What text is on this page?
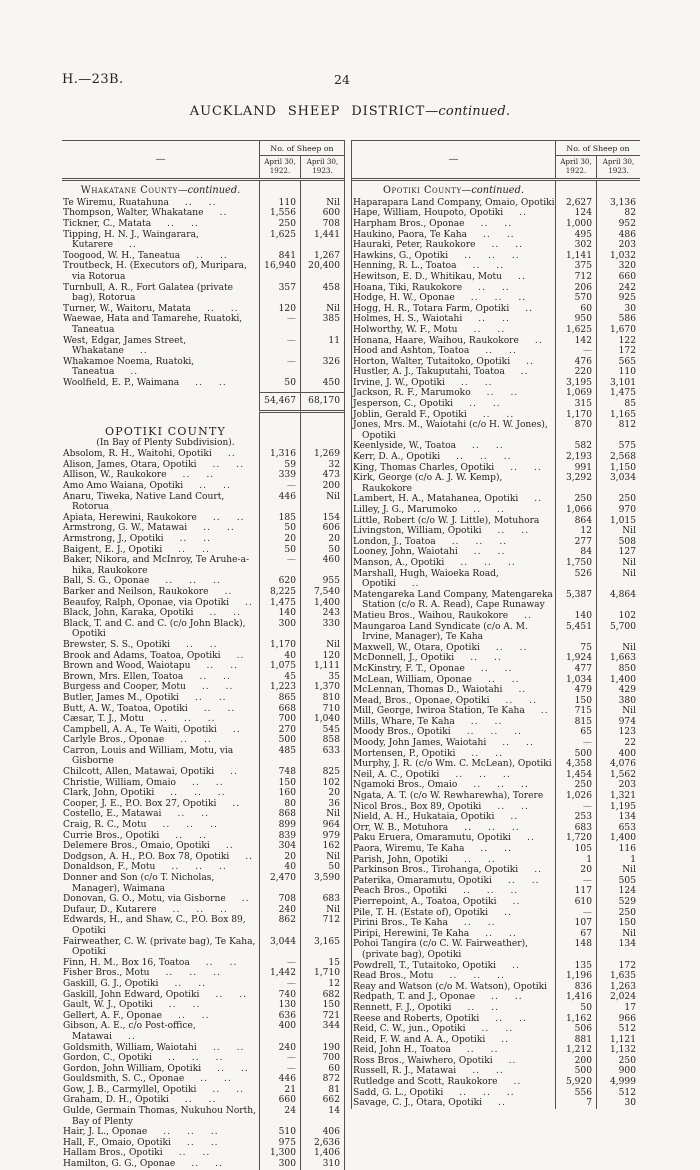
H.—23B.	24
AUCKLAND SHEEP DISTRICT—continued.
—
No. of Sheep on
April 30,
1922.
April 30,
1923.
Whakatane County—continued.
Te Wiremu, Ruatahuna .. ..	110	Nil
Thompson, Walter, Whakatane ..	1,556	600
Tickner, C., Matata .. ..	250	708
Tipping, H. N. J., Waingarara, Kutarere ..
1,625	1,441
Toogood, W. H., Taneatua .. ..	841	1,267
Troutbeck, H. (Executors of), Muripara, via Rotorua
16,940	20,400
Turnbull, A. R., Fort Galatea (private bag), Rotorua
357	458
Turner, W., Waitoru, Matata .. ..	120	Nil
Waewae, Hata and Tamarehe, Ruatoki, Taneatua
—	385
West, Edgar, James Street, Whakatane ..
—	11
Whakamoe Noema, Ruatoki, Taneatua ..
—	326
Woolfield, E. P., Waimana .. ..	50	450
54,467	68,170
OPOTIKI COUNTY
(In Bay of Plenty Subdivision).
Absolom, R. H., Waitohi, Opotiki ..	1,316	1,269
Alison, James, Otara, Opotiki .. ..	59	32
Allison, W., Raukokore .. ..	339	473
Amo Amo Waiana, Opotiki .. ..	—	200
Anaru, Tiweka, Native Land Court, Rotorua
446	Nil
Apiata, Herewini, Raukokore .. ..	185	154
Armstrong, G. W., Matawai .. ..	50	606
Armstrong, J., Opotiki .. ..	20	20
Baigent, E. J., Opotiki .. ..	50	50
Baker, Nikora, and McInroy, Te Aruhe-a-hika, Raukokore
—	460
Ball, S. G., Oponae .. .. ..	620	955
Barker and Neilson, Raukokore ..	8,225	7,540
Beaufoy, Ralph, Oponae, via Opotiki ..	1,475	1,400
Black, John, Karaka, Opotiki .. ..	140	243
Black, T. and C. and C. (c/o John Black), Opotiki
300	330
Brewster, S. S., Opotiki .. ..	1,170	Nil
Brook and Adams, Toatoa, Opotiki ..	40	120
Brown and Wood, Waiotapu .. ..	1,075	1,111
Brown, Mrs. Ellen, Toatoa .. ..	45	35
Burgess and Cooper, Motu .. ..	1,223	1,370
Butler, James M., Opotiki .. ..	865	810
Butt, A. W., Toatoa, Opotiki .. ..	668	710
Cæsar, T. J., Motu .. .. ..	700	1,040
Campbell, A. A., Te Waiti, Opotiki ..	270	545
Carlyle Bros., Oponae .. ..	500	858
Carron, Louis and William, Motu, via Gisborne
485	633
Chilcott, Allen, Matawai, Opotiki ..	748	825
Christie, William, Omaio .. ..	150	102
Clark, John, Opotiki .. .. ..	160	20
Cooper, J. E., P.O. Box 27, Opotiki ..	80	36
Costello, E., Matawai .. ..	868	Nil
Craig, R. C., Motu .. .. ..	899	964
Currie Bros., Opotiki .. ..	839	979
Delemere Bros., Omaio, Opotiki ..	304	162
Dodgson, A. H., P.O. Box 78, Opotiki ..	20	Nil
Donaldson, F., Motu .. .. ..	40	50
Donner and Son (c/o T. Nicholas, Manager), Waimana
2,470	3,590
Donovan, G. O., Motu, via Gisborne ..	708	683
Dufaur, D., Kutarere .. .. ..	240	Nil
Edwards, H., and Shaw, C., P.O. Box 89, Opotiki
862	712
Fairweather, C. W. (private bag), Te Kaha, Opotiki
3,044	3,165
Finn, H. M., Box 16, Toatoa .. ..	—	15
Fisher Bros., Motu .. .. ..	1,442	1,710
Gaskill, G. J., Opotiki .. ..	—	12
Gaskill, John Edward, Opotiki .. ..	740	682
Gault, W. J., Opotiki .. ..	130	150
Gellert, A. F., Oponae .. ..	636	721
Gibson, A. E., c/o Post-office, Matawai ..
400	344
Goldsmith, William, Waiotahi .. ..	240	190
Gordon, C., Opotiki .. .. ..	—	700
Gordon, John William, Opotiki .. ..	—	60
Gouldsmith, S. C., Oponae .. ..	446	872
Gow, J. B., Carmyllel, Opotiki .. ..	21	81
Graham, D. H., Opotiki .. ..	660	662
Gulde, Germain Thomas, Nukuhou North, Bay of Plenty
24	14
Hair, J. L., Oponae .. .. ..	510	406
Hall, F., Omaio, Opotiki .. ..	975	2,636
Hallam Bros., Opotiki .. ..	1,300	1,406
Hamilton, G. G., Oponae .. ..	300	310
—
No. of Sheep on
April 30,
1922.
April 30,
1923.
Opotiki County—continued.
Haparapara Land Company, Omaio, Opotiki	2,627	3,136
Hape, William, Houpoto, Opotiki ..	124	82
Harpham Bros., Oponae .. ..	1,000	952
Haukino, Paora, Te Kaha .. ..	495	486
Hauraki, Peter, Raukokore .. ..	302	203
Hawkins, G., Opotiki .. .. ..	1,141	1,032
Henning, R. L., Toatoa .. ..	375	320
Hewitson, E. D., Whitikau, Motu ..	712	660
Hoana, Tiki, Raukokore .. ..	206	242
Hodge, H. W., Oponae .. .. ..	570	925
Hogg, H. R., Totara Farm, Opotiki ..	60	30
Holmes, H. S., Waiotahi .. ..	950	586
Holworthy, W. F., Motu .. ..	1,625	1,670
Honana, Haare, Waihou, Raukokore ..	142	122
Hood and Ashton, Toatoa .. ..	—	172
Horton, Walter, Tutaitoko, Opotiki ..	476	565
Hustler, A. J., Takuputahi, Toatoa ..	220	110
Irvine, J. W., Opotiki .. ..	3,195	3,101
Jackson, R. F., Marumoko .. ..	1,069	1,475
Jesperson, C., Opotiki .. ..	315	85
Joblin, Gerald F., Opotiki .. ..	1,170	1,165
Jones, Mrs. M., Waiotahi (c/o H. W. Jones), Opotiki
870	812
Keenlyside, W., Toatoa .. ..	582	575
Kerr, D. A., Opotiki .. .. ..	2,193	2,568
King, Thomas Charles, Opotiki .. ..	991	1,150
Kirk, George (c/o A. J. W. Kemp), Raukokore
3,292	3,034
Lambert, H. A., Matahanea, Opotiki ..	250	250
Lilley, J. G., Marumoko .. ..	1,066	970
Little, Robert (c/o W. J. Little), Motuhora	864	1,015
Livingston, William, Opotiki .. ..	12	Nil
London, J., Toatoa .. .. ..	277	508
Looney, John, Waiotahi .. ..	84	127
Manson, A., Opotiki .. .. ..	1,750	Nil
Marshall, Hugh, Waioeka Road, Opotiki ..
526	Nil
Matengareka Land Company, Matengareka Station (c/o R. A. Read), Cape Runaway
5,387	4,864
Matieu Bros., Waihou, Raukokore ..	140	102
Maungaroa Land Syndicate (c/o A. M. Irvine, Manager), Te Kaha
5,451	5,700
Maxwell, W., Otara, Opotiki .. ..	75	Nil
McDonnell, J., Opotiki .. ..	1,924	1,663
McKinstry, F. T., Oponae .. ..	477	850
McLean, William, Oponae .. ..	1,034	1,400
McLennan, Thomas D., Waiotahi ..	479	429
Mead, Bros., Oponae, Opotiki .. ..	150	380
Mill, George, Iwiroa Station, Te Kaha ..	715	Nil
Mills, Whare, Te Kaha .. ..	815	974
Moody Bros., Opotiki .. .. ..	65	123
Moody, John James, Waiotahi .. ..	—	22
Mortensen, P., Opotiki .. ..	500	400
Murphy, J. R. (c/o Wm. C. McLean), Opotiki	4,358	4,076
Neil, A. C., Opotiki .. .. ..	1,454	1,562
Ngamoki Bros., Omaio .. .. ..	250	203
Ngata, A. T. (c/o W. Rewharewha), Torere	1,026	1,321
Nicol Bros., Box 89, Opotiki .. ..	—	1,195
Nield, A. H., Hukataia, Opotiki ..	253	134
Orr, W. B., Motuhora .. .. ..	683	653
Paku Eruera, Omaramutu, Opotiki ..	1,720	1,400
Paora, Wiremu, Te Kaha .. ..	105	116
Parish, John, Opotiki .. ..	1	1
Parkinson Bros., Tirohanga, Opotiki ..	20	Nil
Paterika, Omaramutu, Opotiki .. ..	—	505
Peach Bros., Opotiki .. .. ..	117	124
Pierrepoint, A., Toatoa, Opotiki ..	610	529
Pile, T. H. (Estate of), Opotiki ..	—	250
Pirini Bros., Te Kaha .. ..	107	150
Piripi, Herewini, Te Kaha .. ..	67	Nil
Pohoi Tangira (c/o C. W. Fairweather), (private bag), Opotiki
148	134
Powdrell, T., Tutaitoko, Opotiki ..	135	172
Read Bros., Motu .. .. ..	1,196	1,635
Reay and Watson (c/o M. Watson), Opotiki	836	1,263
Redpath, T. and J., Oponae .. ..	1,416	2,024
Rennett, F. J., Opotiki .. ..	50	17
Reese and Roberts, Opotiki .. ..	1,162	966
Reid, C. W., jun., Opotiki .. ..	506	512
Reid, F. W. and A. A., Opotiki ..	881	1,121
Reid, John H., Toatoa .. ..	1,212	1,132
Ross Bros., Waiwhero, Opotiki ..	200	250
Russell, R. J., Matawai .. ..	500	900
Rutledge and Scott, Raukokore ..	5,920	4,999
Sadd, G. L., Opotiki .. .. ..	556	512
Savage, C. J., Otara, Opotiki ..	7	30
